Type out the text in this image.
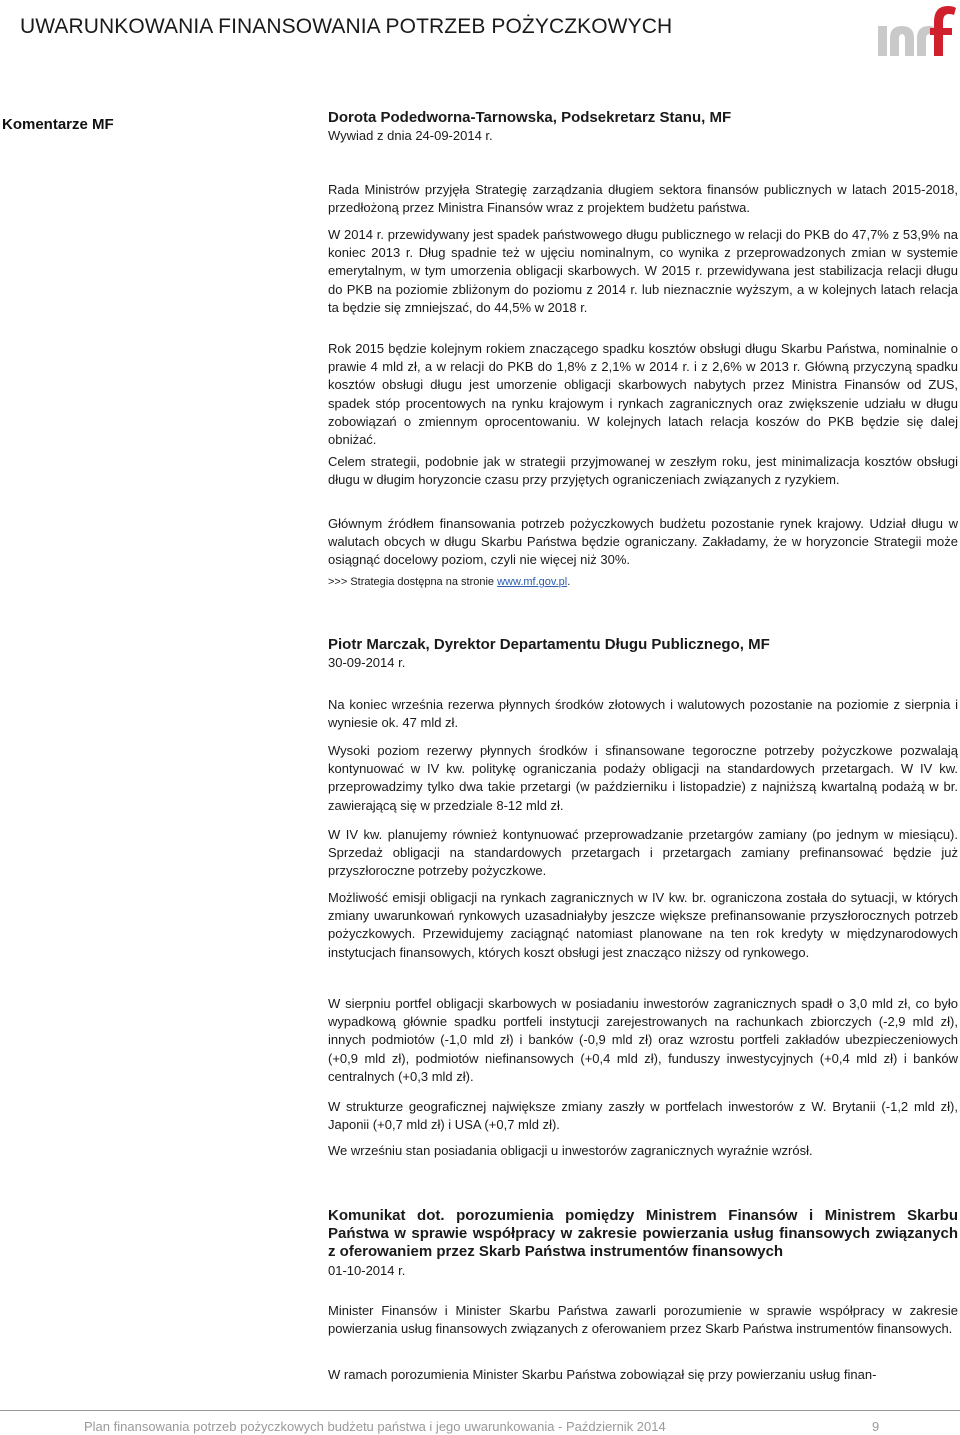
UWARUNKOWANIA FINANSOWANIA POTRZEB POŻYCZKOWYCH
Komentarze MF	Dorota Podedworna-Tarnowska, Podsekretarz Stanu, MF

Wywiad z dnia 24-09-2014 r.

Rada Ministrów przyjęła Strategię zarządzania długiem sektora finansów publicznych w latach 2015-2018, przedłożoną przez Ministra Finansów wraz z projektem budżetu państwa.

W 2014 r. przewidywany jest spadek państwowego długu publicznego w relacji do PKB do 47,7% z 53,9% na koniec 2013 r. Dług spadnie też w ujęciu nominalnym, co wynika z przeprowadzonych zmian w systemie emerytalnym, w tym umorzenia obligacji skarbowych. W 2015 r. przewidywana jest stabilizacja relacji długu do PKB na poziomie zbliżonym do poziomu z 2014 r. lub nieznacznie wyższym, a w kolejnych latach relacja ta będzie się zmniejszać, do 44,5% w 2018 r.

Rok 2015 będzie kolejnym rokiem znaczącego spadku kosztów obsługi długu Skarbu Państwa, nominalnie o prawie 4 mld zł, a w relacji do PKB do 1,8% z 2,1% w 2014 r. i z 2,6% w 2013 r. Główną przyczyną spadku kosztów obsługi długu jest umorzenie obligacji skarbowych nabytych przez Ministra Finansów od ZUS, spadek stóp procentowych na rynku krajowym i rynkach zagranicznych oraz zwiększenie udziału w długu zobowiązań o zmiennym oprocentowaniu. W kolejnych latach relacja koszów do PKB będzie się dalej obniżać.

Celem strategii, podobnie jak w strategii przyjmowanej w zeszłym roku, jest minimalizacja kosztów obsługi długu w długim horyzoncie czasu przy przyjętych ograniczeniach związanych z ryzykiem.

Głównym źródłem finansowania potrzeb pożyczkowych budżetu pozostanie rynek krajowy. Udział długu w walutach obcych w długu Skarbu Państwa będzie ograniczany. Zakładamy, że w horyzoncie Strategii może osiągnąć docelowy poziom, czyli nie więcej niż 30%.

>>> Strategia dostępna na stronie www.mf.gov.pl.

Piotr Marczak, Dyrektor Departamentu Długu Publicznego, MF

30-09-2014 r.

Na koniec września rezerwa płynnych środków złotowych i walutowych pozostanie na poziomie z sierpnia i wyniesie ok. 47 mld zł.

Wysoki poziom rezerwy płynnych środków i sfinansowane tegoroczne potrzeby pożyczkowe pozwalają kontynuować w IV kw. politykę ograniczania podaży obligacji na standardowych przetargach. W IV kw. przeprowadzimy tylko dwa takie przetargi (w październiku i listopadzie) z najniższą kwartalną podażą w br. zawierającą się w przedziale 8-12 mld zł.

W IV kw. planujemy również kontynuować przeprowadzanie przetargów zamiany (po jednym w miesiącu). Sprzedaż obligacji na standardowych przetargach i przetargach zamiany prefinansować będzie już przyszłoroczne potrzeby pożyczkowe.

Możliwość emisji obligacji na rynkach zagranicznych w IV kw. br. ograniczona została do sytuacji, w których zmiany uwarunkowań rynkowych uzasadniałyby jeszcze większe prefinansowanie przyszłorocznych potrzeb pożyczkowych. Przewidujemy zaciągnąć natomiast planowane na ten rok kredyty w międzynarodowych instytucjach finansowych, których koszt obsługi jest znacząco niższy od rynkowego.

W sierpniu portfel obligacji skarbowych w posiadaniu inwestorów zagranicznych spadł o 3,0 mld zł, co było wypadkową głównie spadku portfeli instytucji zarejestrowanych na rachunkach zbiorczych (-2,9 mld zł), innych podmiotów (-1,0 mld zł) i banków (-0,9 mld zł) oraz wzrostu portfeli zakładów ubezpieczeniowych (+0,9 mld zł), podmiotów niefinansowych (+0,4 mld zł), funduszy inwestycyjnych (+0,4 mld zł) i banków centralnych (+0,3 mld zł).

W strukturze geograficznej największe zmiany zaszły w portfelach inwestorów z W. Brytanii (-1,2 mld zł), Japonii (+0,7 mld zł) i USA (+0,7 mld zł).

We wrześniu stan posiadania obligacji u inwestorów zagranicznych wyraźnie wzrósł.

Komunikat dot. porozumienia pomiędzy Ministrem Finansów i Ministrem Skarbu Państwa w sprawie współpracy w zakresie powierzania usług finansowych związanych z oferowaniem przez Skarb Państwa instrumentów finansowych

01-10-2014 r.

Minister Finansów i Minister Skarbu Państwa zawarli porozumienie w sprawie współpracy w zakresie powierzania usług finansowych związanych z oferowaniem przez Skarb Państwa instrumentów finansowych.

W ramach porozumienia Minister Skarbu Państwa zobowiązał się przy powierzaniu usług finan-

Plan finansowania potrzeb pożyczkowych budżetu państwa i jego uwarunkowania - Październik 2014	9
